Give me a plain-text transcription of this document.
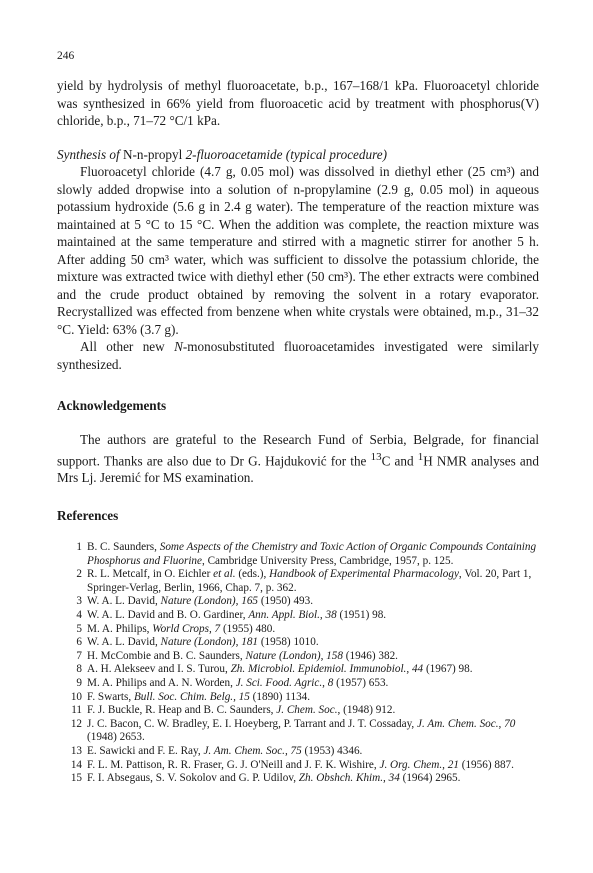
246

yield by hydrolysis of methyl fluoroacetate, b.p., 167–168/1 kPa. Fluoroacetyl chloride was synthesized in 66% yield from fluoroacetic acid by treatment with phosphorus(V) chloride, b.p., 71–72 °C/1 kPa.

Synthesis of N-n-propyl 2-fluoroacetamide (typical procedure)

Fluoroacetyl chloride (4.7 g, 0.05 mol) was dissolved in diethyl ether (25 cm³) and slowly added dropwise into a solution of n-propylamine (2.9 g, 0.05 mol) in aqueous potassium hydroxide (5.6 g in 2.4 g water). The temperature of the reaction mixture was maintained at 5 °C to 15 °C. When the addition was complete, the reaction mixture was maintained at the same temperature and stirred with a magnetic stirrer for another 5 h. After adding 50 cm³ water, which was sufficient to dissolve the potassium chloride, the mixture was extracted twice with diethyl ether (50 cm³). The ether extracts were combined and the crude product obtained by removing the solvent in a rotary evaporator. Recrystallized was effected from benzene when white crystals were obtained, m.p., 31–32 °C. Yield: 63% (3.7 g).

All other new N-monosubstituted fluoroacetamides investigated were similarly synthesized.

Acknowledgements

The authors are grateful to the Research Fund of Serbia, Belgrade, for financial support. Thanks are also due to Dr G. Hajduković for the $^{13}$C and $^1$H NMR analyses and Mrs Lj. Jeremić for MS examination.

References
1 B. C. Saunders, Some Aspects of the Chemistry and Toxic Action of Organic Compounds Containing Phosphorus and Fluorine, Cambridge University Press, Cambridge, 1957, p. 125.
2 R. L. Metcalf, in O. Eichler et al. (eds.), Handbook of Experimental Pharmacology, Vol. 20, Part 1, Springer-Verlag, Berlin, 1966, Chap. 7, p. 362.
3 W. A. L. David, Nature (London), 165 (1950) 493.
4 W. A. L. David and B. O. Gardiner, Ann. Appl. Biol., 38 (1951) 98.
5 M. A. Philips, World Crops, 7 (1955) 480.
6 W. A. L. David, Nature (London), 181 (1958) 1010.
7 H. McCombie and B. C. Saunders, Nature (London), 158 (1946) 382.
8 A. H. Alekseev and I. S. Turou, Zh. Microbiol. Epidemiol. Immunobiol., 44 (1967) 98.
9 M. A. Philips and A. N. Worden, J. Sci. Food. Agric., 8 (1957) 653.
10 F. Swarts, Bull. Soc. Chim. Belg., 15 (1890) 1134.
11 F. J. Buckle, R. Heap and B. C. Saunders, J. Chem. Soc., (1948) 912.
12 J. C. Bacon, C. W. Bradley, E. I. Hoeyberg, P. Tarrant and J. T. Cossaday, J. Am. Chem. Soc., 70 (1948) 2653.
13 E. Sawicki and F. E. Ray, J. Am. Chem. Soc., 75 (1953) 4346.
14 F. L. M. Pattison, R. R. Fraser, G. J. O'Neill and J. F. K. Wishire, J. Org. Chem., 21 (1956) 887.
15 F. I. Absegaus, S. V. Sokolov and G. P. Udilov, Zh. Obshch. Khim., 34 (1964) 2965.
